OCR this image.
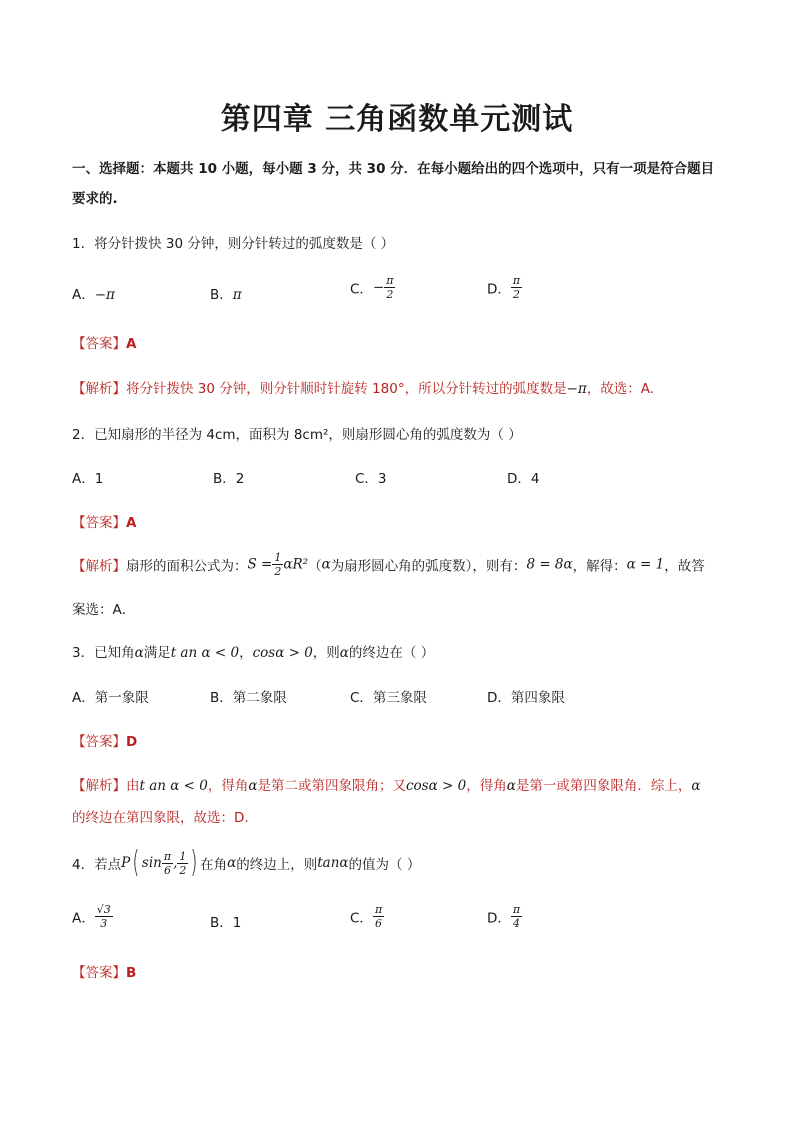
第四章 三角函数单元测试
一、选择题：本题共 10 小题，每小题 3 分，共 30 分．在每小题给出的四个选项中，只有一项是符合题目
要求的.
1．将分针拨快 30 分钟，则分针转过的弧度数是（ ）
A．−π	B．π	C．− $\frac{\pi}{2}$	D． $\frac{\pi}{2}$
【答案】A
【解析】将分针拨快 30 分钟，则分针顺时针旋转 180°，所以分针转过的弧度数是−π，故选：A.
2．已知扇形的半径为 4cm，面积为 8cm²，则扇形圆心角的弧度数为（ ）
A．1	B．2	C．3	D．4
【答案】A
【解析】扇形的面积公式为：$S = \frac{1}{2} \alpha R^2(\alpha$为扇形圆心角的弧度数），则有：8 = 8α，解得：α = 1，故答
案选：A．
3．已知角α满足t an α < 0，cosα > 0，则α的终边在（ ）
A．第一象限	B．第二象限	C．第三象限	D．第四象限
【答案】D
【解析】由t an α < 0，得角α是第二或第四象限角；又cosα > 0，得角α是第一或第四象限角．综上，α
的终边在第四象限，故选：D.
4．若点P( $\sin \frac{\pi}{6}$ , $\frac{1}{2}$ ) 在角α的终边上，则tanα的值为（ ）
A． $\frac{√3}{3}$	B．1	C． $\frac{\pi}{6}$	D． $\frac{\pi}{4}$
【答案】B
